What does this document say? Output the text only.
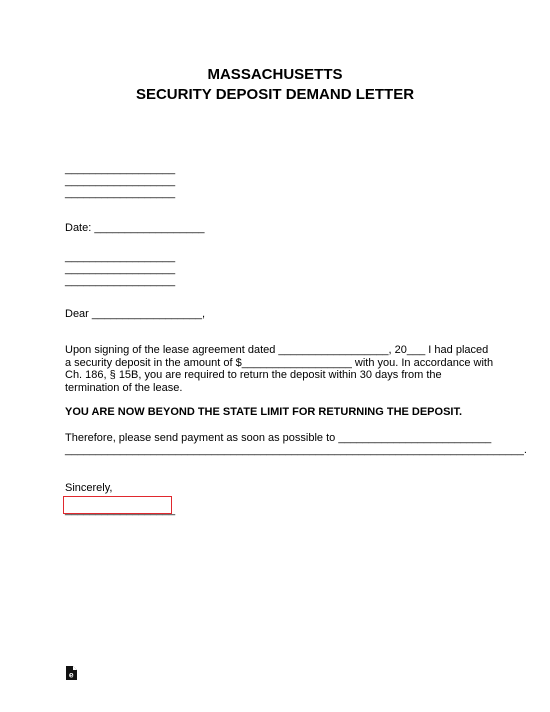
MASSACHUSETTS
SECURITY DEPOSIT DEMAND LETTER
__________________
__________________
__________________
Date: __________________
__________________
__________________
__________________
Dear __________________,
Upon signing of the lease agreement dated __________________, 20___ I had placed
a security deposit in the amount of $__________________ with you. In accordance with
Ch. 186, § 15B, you are required to return the deposit within 30 days from the
termination of the lease.
YOU ARE NOW BEYOND THE STATE LIMIT FOR RETURNING THE DEPOSIT.
Therefore, please send payment as soon as possible to _________________________
___________________________________________________________________________.
Sincerely,
__________________
e
